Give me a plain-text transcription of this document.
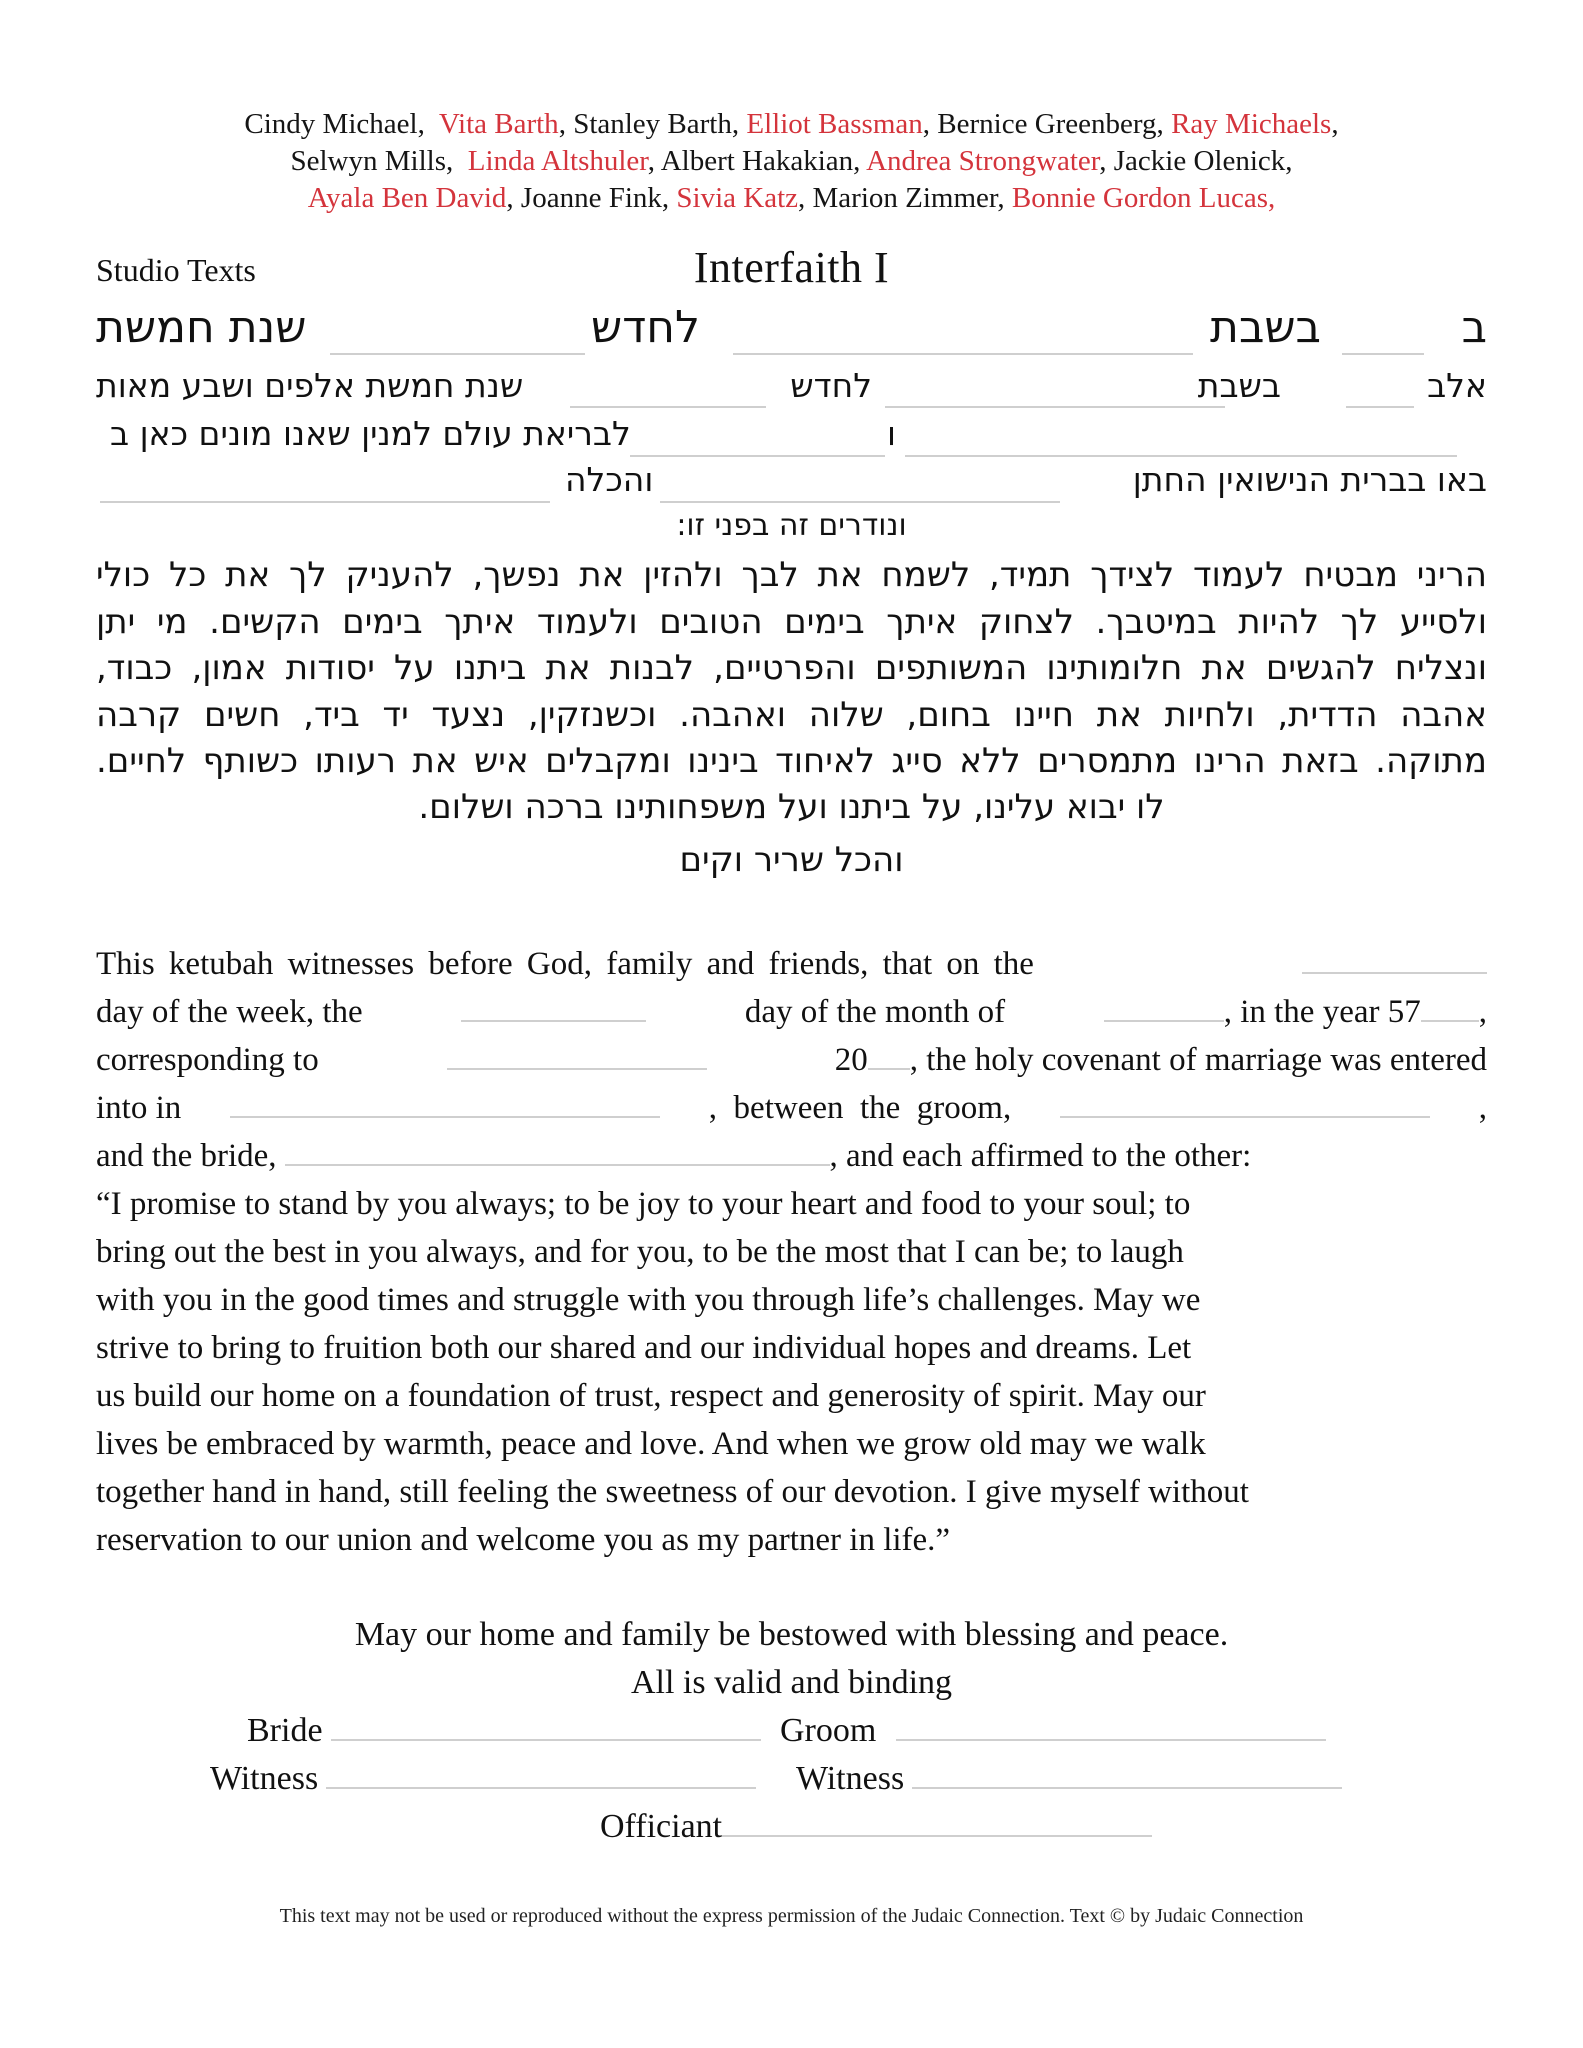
Cindy Michael, Vita Barth, Stanley Barth, Elliot Bassman, Bernice Greenberg, Ray Michaels,
Selwyn Mills, Linda Altshuler, Albert Hakakian, Andrea Strongwater, Jackie Olenick,
Ayala Ben David, Joanne Fink, Sivia Katz, Marion Zimmer, Bonnie Gordon Lucas,
Studio Texts	Interfaith I
ב
בשבת
לחדש
שנת חמשת
אלב
בשבת
לחדש
שנת חמשת אלפים ושבע מאות
ו
לבריאת עולם למנין שאנו מונים כאן ב
באו בברית הנישואין החתן
והכלה
ונודרים זה בפני זו:
הריני מבטיח לעמוד לצידך תמיד, לשמח את לבך ולהזין את נפשך, להעניק לך את כל כולי
ולסייע לך להיות במיטבך. לצחוק איתך בימים הטובים ולעמוד איתך בימים הקשים. מי יתן
ונצליח להגשים את חלומותינו המשותפים והפרטיים, לבנות את ביתנו על יסודות אמון, כבוד,
אהבה הדדית, ולחיות את חיינו בחום, שלוה ואהבה. וכשנזקין, נצעד יד ביד, חשים קרבה
מתוקה. בזאת הרינו מתמסרים ללא סייג לאיחוד בינינו ומקבלים איש את רעותו כשותף לחיים.
לו יבוא עלינו, על ביתנו ועל משפחותינו ברכה ושלום.
והכל שריר וקים
This ketubah witnesses before God, family and friends, that on the
day of the week, the	day of the month of	, in the year 57 ,
corresponding to	20 , the holy covenant of marriage was entered
into in	,  between  the  groom,	,
and the bride,	, and each affirmed to the other:
“I promise to stand by you always; to be joy to your heart and food to your soul; to
bring out the best in you always, and for you, to be the most that I can be; to laugh
with you in the good times and struggle with you through life’s challenges. May we
strive to bring to fruition both our shared and our individual hopes and dreams. Let
us build our home on a foundation of trust, respect and generosity of spirit. May our
lives be embraced by warmth, peace and love. And when we grow old may we walk
together hand in hand, still feeling the sweetness of our devotion. I give myself without
reservation to our union and welcome you as my partner in life.”
May our home and family be bestowed with blessing and peace.
All is valid and binding
Bride	Groom
Witness	Witness
Officiant
This text may not be used or reproduced without the express permission of the Judaic Connection. Text © by Judaic Connection
